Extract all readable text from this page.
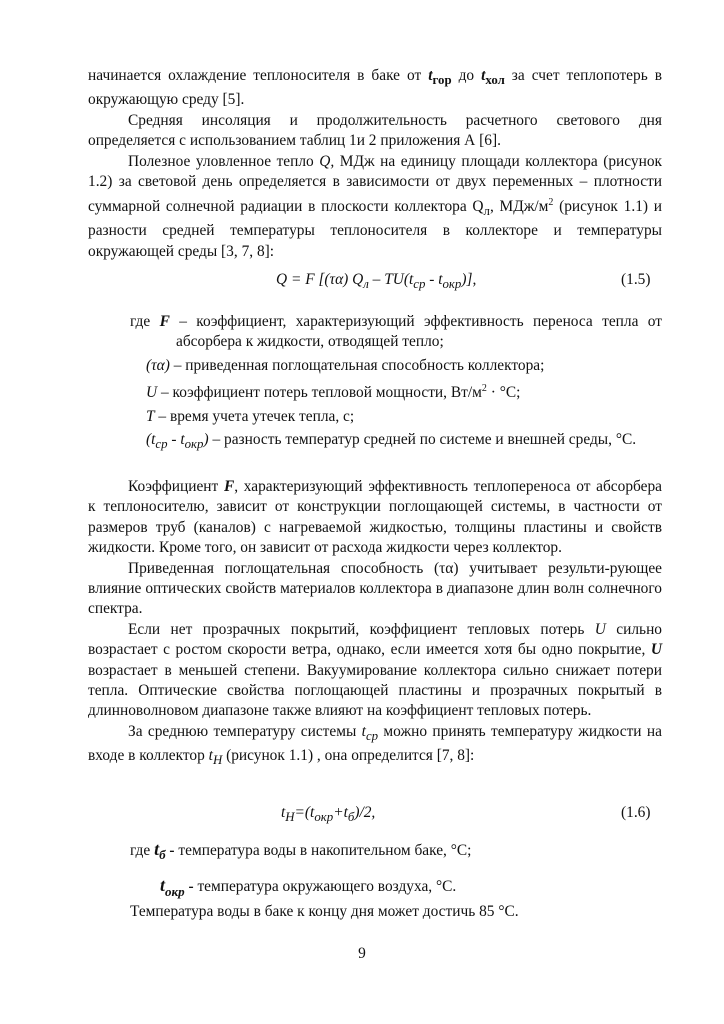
начинается охлаждение теплоносителя в баке от $t_{гор}$ до $t_{хол}$ за счет теплопотерь в окружающую среду [5].

Средняя инсоляция и продолжительность расчетного светового дня определяется с использованием таблиц 1и 2 приложения А [6].

Полезное уловленное тепло Q, МДж на единицу площади коллектора (рисунок 1.2) за световой день определяется в зависимости от двух переменных – плотности суммарной солнечной радиации в плоскости коллектора $Q_л$, МДж/$м^2$ (рисунок 1.1) и разности средней температуры теплоносителя в коллекторе и температуры окружающей среды [3, 7, 8]:

Q = F [(τα) $Q_л - TU(t_{ср} - t_{окр})$],	(1.5)

где F – коэффициент, характеризующий эффективность переноса тепла от абсорбера к жидкости, отводящей тепло;

(τα) – приведенная поглощательная способность коллектора;

U – коэффициент потерь тепловой мощности, $Вт/м^2 \cdot ^\circ С$;

T – время учета утечек тепла, с;

$(t_{ср} - t_{окр})$ – разность температур средней по системе и внешней среды, °С.

Коэффициент F, характеризующий эффективность теплопереноса от абсорбера к теплоносителю, зависит от конструкции поглощающей системы, в частности от размеров труб (каналов) с нагреваемой жидкостью, толщины пластины и свойств жидкости. Кроме того, он зависит от расхода жидкости через коллектор.

Приведенная поглощательная способность (τα) учитывает результи-рующее влияние оптических свойств материалов коллектора в диапазоне длин волн солнечного спектра.

Если нет прозрачных покрытий, коэффициент тепловых потерь U сильно возрастает с ростом скорости ветра, однако, если имеется хотя бы одно покрытие, U возрастает в меньшей степени. Вакуумирование коллектора сильно снижает потери тепла. Оптические свойства поглощающей пластины и прозрачных покрытый в длинноволновом диапазоне также влияют на коэффициент тепловых потерь.

За среднюю температуру системы $t_{ср}$ можно принять температуру жидкости на входе в коллектор $t_Н$ (рисунок 1.1) , она определится [7, 8]:

$t_Н=(t_{окр}+t_б)/2$,	(1.6)

где $t_б$ - температура воды в накопительном баке, °С;

$t_{окр}$ - температура окружающего воздуха, °С.

Температура воды в баке к концу дня может достичь 85 °С.

9
